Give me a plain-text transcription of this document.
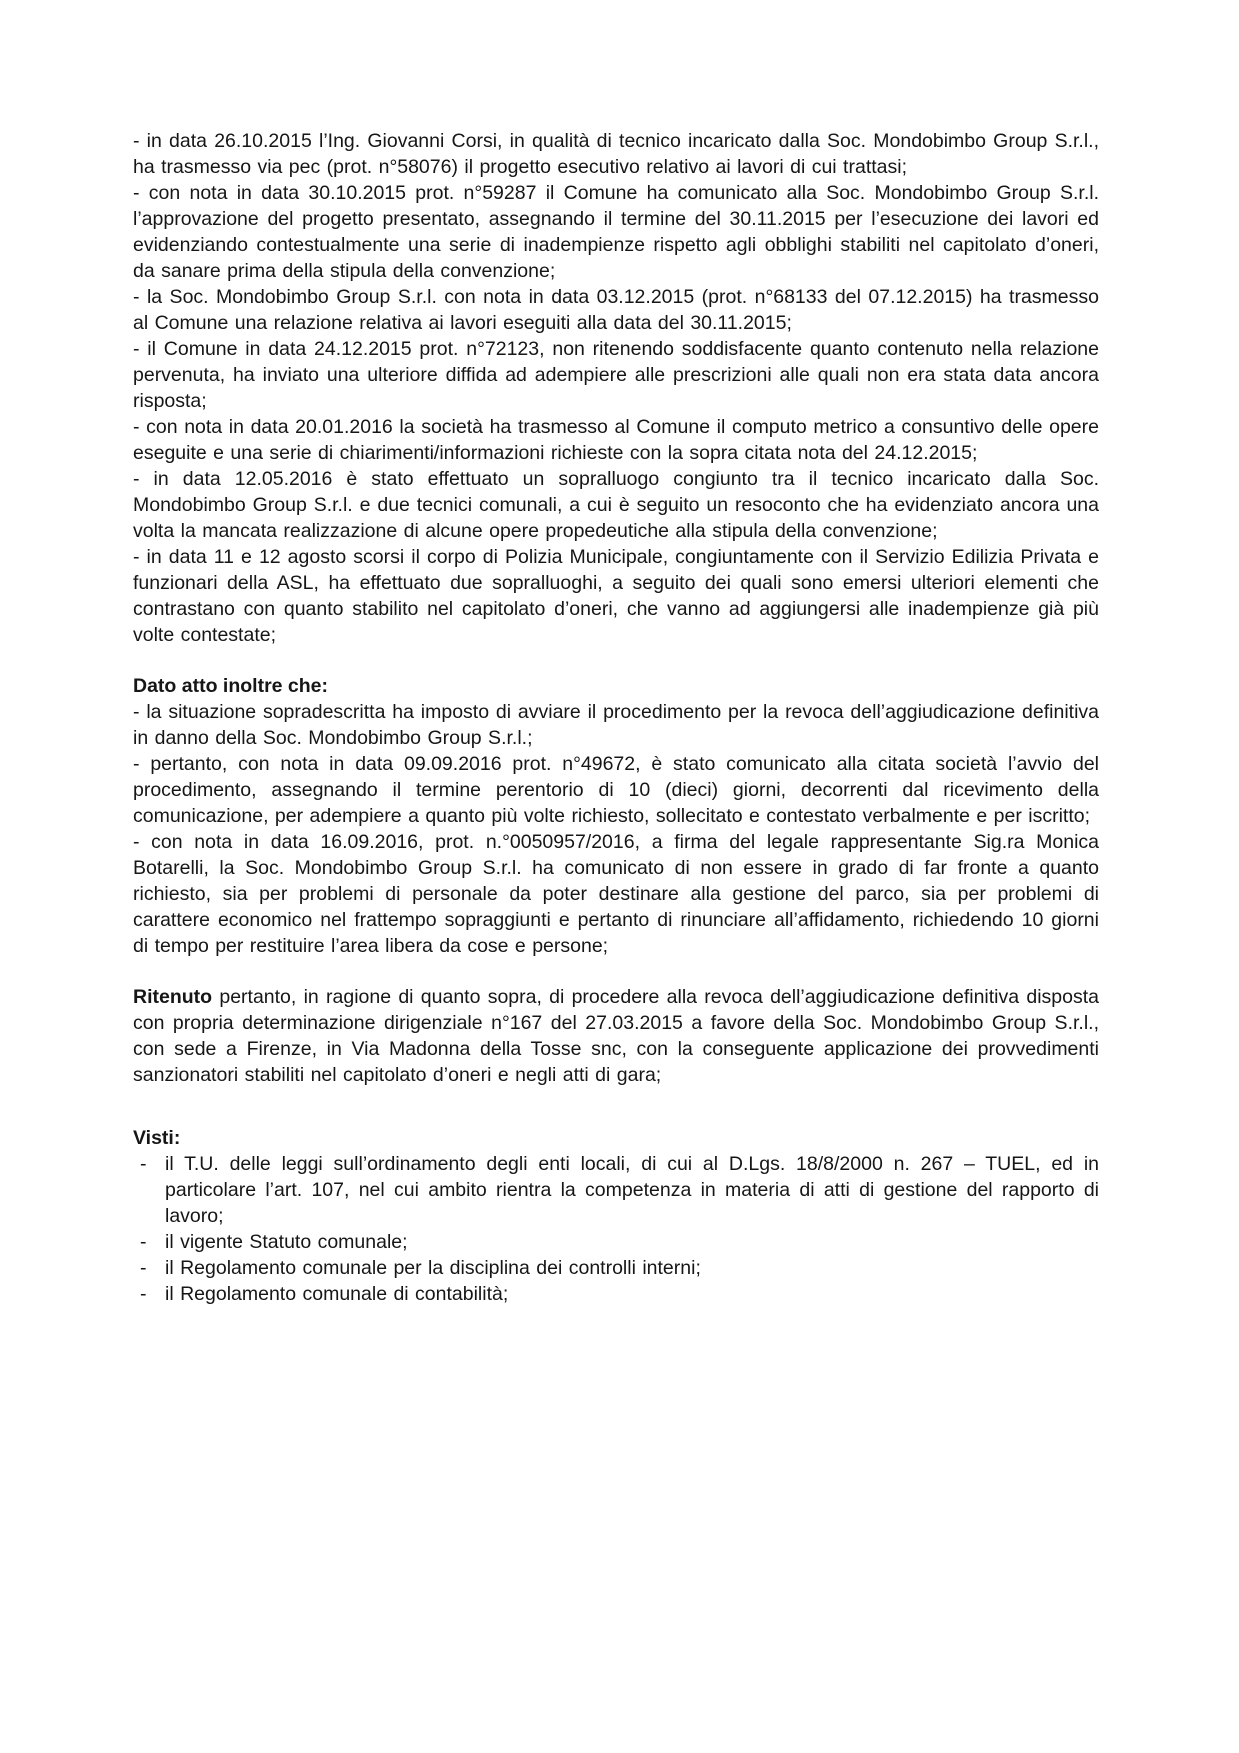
- in data 26.10.2015 l’Ing. Giovanni Corsi, in qualità di tecnico incaricato dalla Soc. Mondobimbo Group S.r.l., ha trasmesso via pec (prot. n°58076) il progetto esecutivo relativo ai lavori di cui trattasi;

- con nota in data 30.10.2015 prot. n°59287 il Comune ha comunicato alla Soc. Mondobimbo Group S.r.l. l’approvazione del progetto presentato, assegnando il termine del 30.11.2015 per l’esecuzione dei lavori ed evidenziando contestualmente una serie di inadempienze rispetto agli obblighi stabiliti nel capitolato d’oneri, da sanare prima della stipula della convenzione;

- la Soc. Mondobimbo Group S.r.l. con nota in data 03.12.2015 (prot. n°68133 del 07.12.2015) ha trasmesso al Comune una relazione relativa ai lavori eseguiti alla data del 30.11.2015;

- il Comune in data 24.12.2015 prot. n°72123, non ritenendo soddisfacente quanto contenuto nella relazione pervenuta, ha inviato una ulteriore diffida ad adempiere alle prescrizioni alle quali non era stata data ancora risposta;

- con nota in data 20.01.2016 la società ha trasmesso al Comune il computo metrico a consuntivo delle opere eseguite e una serie di chiarimenti/informazioni richieste con la sopra citata nota del 24.12.2015;

- in data 12.05.2016 è stato effettuato un sopralluogo congiunto tra il tecnico incaricato dalla Soc. Mondobimbo Group S.r.l. e due tecnici comunali, a cui è seguito un resoconto che ha evidenziato ancora una volta la mancata realizzazione di alcune opere propedeutiche alla stipula della convenzione;

- in data 11 e 12 agosto scorsi il corpo di Polizia Municipale, congiuntamente con il Servizio Edilizia Privata e funzionari della ASL, ha effettuato due sopralluoghi, a seguito dei quali sono emersi ulteriori elementi che contrastano con quanto stabilito nel capitolato d’oneri, che vanno ad aggiungersi alle inadempienze già più volte contestate;

Dato atto inoltre che:

- la situazione sopradescritta ha imposto di avviare il procedimento per la revoca dell’aggiudicazione definitiva in danno della Soc. Mondobimbo Group S.r.l.;

- pertanto, con nota in data 09.09.2016 prot. n°49672, è stato comunicato alla citata società l’avvio del procedimento, assegnando il termine perentorio di 10 (dieci) giorni, decorrenti dal ricevimento della comunicazione, per adempiere a quanto più volte richiesto, sollecitato e contestato verbalmente e per iscritto;

- con nota in data 16.09.2016, prot. n.°0050957/2016, a firma del legale rappresentante Sig.ra Monica Botarelli, la Soc. Mondobimbo Group S.r.l. ha comunicato di non essere in grado di far fronte a quanto richiesto, sia per problemi di personale da poter destinare alla gestione del parco, sia per problemi di carattere economico nel frattempo sopraggiunti e pertanto di rinunciare all’affidamento, richiedendo 10 giorni di tempo per restituire l’area libera da cose e persone;

Ritenuto pertanto, in ragione di quanto sopra, di procedere alla revoca dell’aggiudicazione definitiva disposta con propria determinazione dirigenziale n°167 del 27.03.2015 a favore della Soc. Mondobimbo Group S.r.l., con sede a Firenze, in Via Madonna della Tosse snc, con la conseguente applicazione dei provvedimenti sanzionatori stabiliti nel capitolato d’oneri e negli atti di gara;

Visti:
- il T.U. delle leggi sull’ordinamento degli enti locali, di cui al D.Lgs. 18/8/2000 n. 267 – TUEL, ed in particolare l’art. 107, nel cui ambito rientra la competenza in materia di atti di gestione del rapporto di lavoro;
- il vigente Statuto comunale;
- il Regolamento comunale per la disciplina dei controlli interni;
- il Regolamento comunale di contabilità;
